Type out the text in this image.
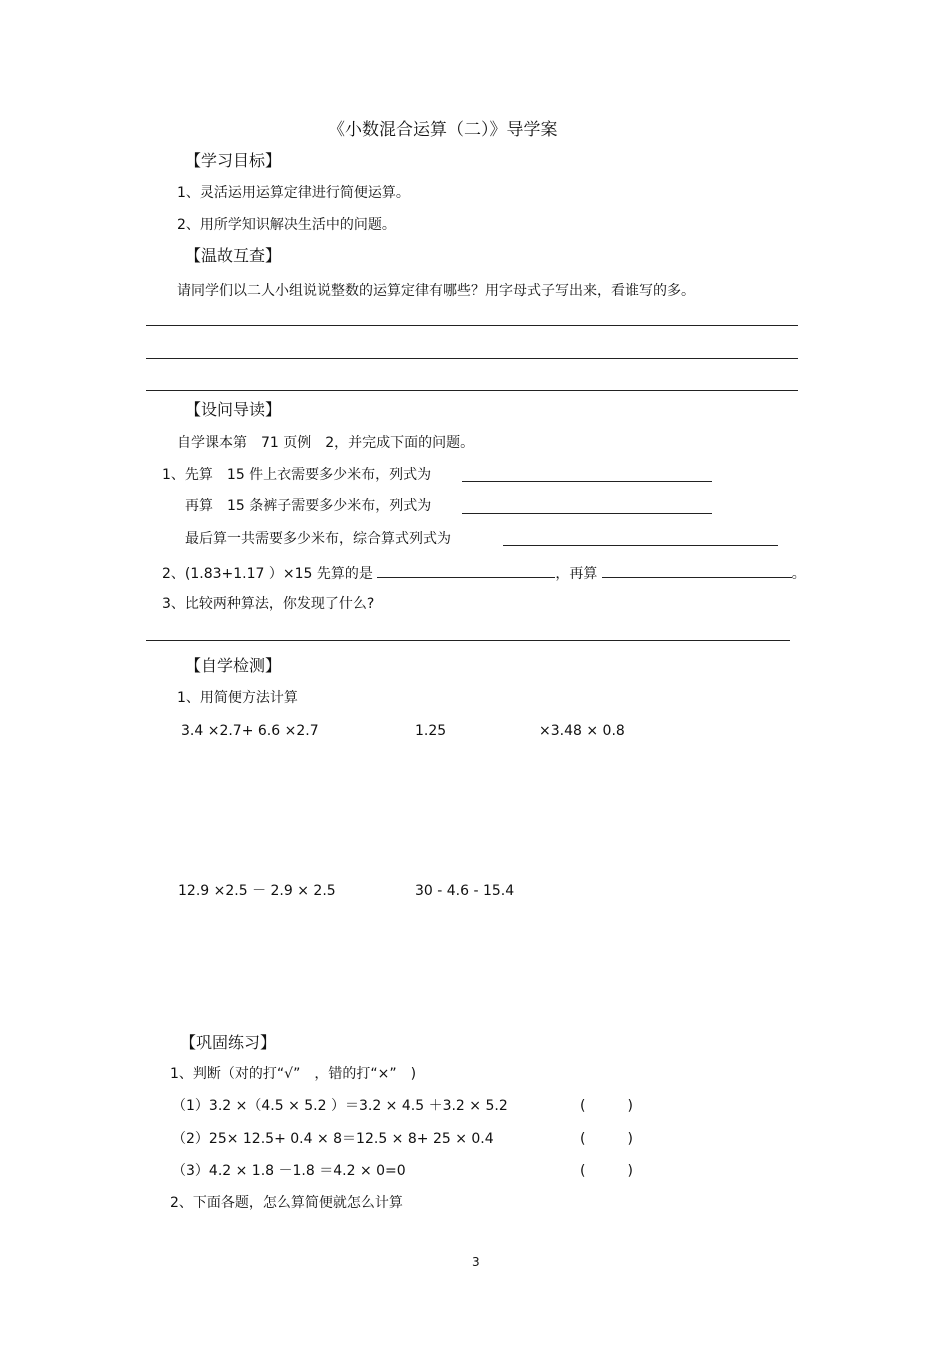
《小数混合运算（二）》导学案
【学习目标】
1、灵活运用运算定律进行简便运算。
2、用所学知识解决生活中的问题。
【温故互查】
请同学们以二人小组说说整数的运算定律有哪些？用字母式子写出来，看谁写的多。
【设问导读】
自学课本第　71 页例　2，并完成下面的问题。
1、先算　15 件上衣需要多少米布，列式为
再算　15 条裤子需要多少米布，列式为
最后算一共需要多少米布，综合算式列式为
2、(1.83+1.17 ）×15 先算的是	，再算	。
3、比较两种算法，你发现了什么?
【自学检测】
1、用简便方法计算
3.4 ×2.7+ 6.6 ×2.7	1.25	×3.48 × 0.8
12.9 ×2.5 － 2.9 × 2.5	30 - 4.6 - 15.4
【巩固练习】
1、判断（对的打“√”　，错的打“×”　)
（1）3.2 ×（4.5 × 5.2 ）＝3.2 × 4.5 ＋3.2 × 5.2	(　　　)
（2）25× 12.5+ 0.4 × 8＝12.5 × 8+ 25 × 0.4	(　　　)
（3）4.2 × 1.8 －1.8 ＝4.2 × 0=0	(　　　)
2、下面各题，怎么算简便就怎么计算
3
